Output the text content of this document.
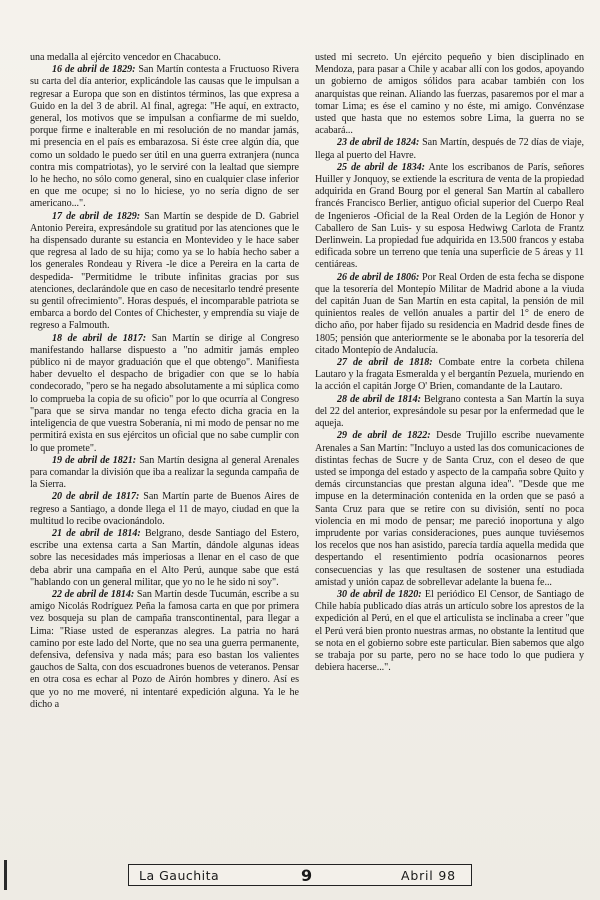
una medalla al ejército vencedor en Chacabuco.

16 de abril de 1829: San Martín contesta a Fructuoso Rivera su carta del día anterior, explicándole las causas que le impulsan a regresar a Europa que son en distintos términos, las que expresa a Guido en la del 3 de abril. Al final, agrega: "He aquí, en extracto, general, los motivos que se impulsan a confiarme de mi sueldo, porque firme e inalterable en mi resolución de no mandar jamás, mi presencia en el país es embarazosa. Si éste cree algún día, que como un soldado le puedo ser útil en una guerra extranjera (nunca contra mis compatriotas), yo le serviré con la lealtad que siempre lo he hecho, no sólo como general, sino en cualquier clase inferior en que me ocupe; si no lo hiciese, yo no sería digno de ser americano...".

17 de abril de 1829: San Martín se despide de D. Gabriel Antonio Pereira, expresándole su gratitud por las atenciones que le ha dispensado durante su estancia en Montevideo y le hace saber que regresa al lado de su hija; como ya se lo había hecho saber a los generales Rondeau y Rivera -le dice a Pereira en la carta de despedida- "Permitidme le tribute infinitas gracias por sus atenciones, declarándole que en caso de necesitarlo tendré presente su gentil ofrecimiento". Horas después, el incomparable patriota se embarca a bordo del Contes of Chichester, y emprendía su viaje de regreso a Falmouth.

18 de abril de 1817: San Martín se dirige al Congreso manifestando hallarse dispuesto a "no admitir jamás empleo público ni de mayor graduación que el que obtengo". Manifiesta haber devuelto el despacho de brigadier con que se lo había condecorado, "pero se ha negado absolutamente a mi súplica como lo comprueba la copia de su oficio" por lo que ocurría al Congreso "para que se sirva mandar no tenga efecto dicha gracia en la inteligencia de que vuestra Soberanía, ni mi modo de pensar no me permitirá exista en sus ejércitos un oficial que no sabe cumplir con lo que promete".

19 de abril de 1821: San Martín designa al general Arenales para comandar la división que iba a realizar la segunda campaña de la Sierra.

20 de abril de 1817: San Martín parte de Buenos Aires de regreso a Santiago, a donde llega el 11 de mayo, ciudad en que la multitud lo recibe ovacionándolo.

21 de abril de 1814: Belgrano, desde Santiago del Estero, escribe una extensa carta a San Martín, dándole algunas ideas sobre las necesidades más imperiosas a llenar en el caso de que deba abrir una campaña en el Alto Perú, aunque sabe que está "hablando con un general militar, que yo no le he sido ni soy".

22 de abril de 1814: San Martín desde Tucumán, escribe a su amigo Nicolás Rodríguez Peña la famosa carta en que por primera vez bosqueja su plan de campaña transcontinental, para llegar a Lima: "Riase usted de esperanzas alegres. La patria no hará camino por este lado del Norte, que no sea una guerra permanente, defensiva, defensiva y nada más; para eso bastan los valientes gauchos de Salta, con dos escuadrones buenos de veteranos. Pensar en otra cosa es echar al Pozo de Airón hombres y dinero. Así es que yo no me moveré, ni intentaré expedición alguna. Ya le he dicho a

usted mi secreto. Un ejército pequeño y bien disciplinado en Mendoza, para pasar a Chile y acabar allí con los godos, apoyando un gobierno de amigos sólidos para acabar también con los anarquistas que reinan. Aliando las fuerzas, pasaremos por el mar a tomar Lima; es ése el camino y no éste, mi amigo. Convénzase usted que hasta que no estemos sobre Lima, la guerra no se acabará...

23 de abril de 1824: San Martín, después de 72 días de viaje, llega al puerto del Havre.

25 de abril de 1834: Ante los escribanos de París, señores Huiller y Jonquoy, se extiende la escritura de venta de la propiedad adquirida en Grand Bourg por el general San Martín al caballero francés Francisco Berlier, antiguo oficial superior del Cuerpo Real de Ingenieros -Oficial de la Real Orden de la Legión de Honor y Caballero de San Luis- y su esposa Hedwiwg Carlota de Frantz Derlinwein. La propiedad fue adquirida en 13.500 francos y estaba edificada sobre un terreno que tenía una superficie de 5 áreas y 11 centiáreas.

26 de abril de 1806: Por Real Orden de esta fecha se dispone que la tesorería del Montepío Militar de Madrid abone a la viuda del capitán Juan de San Martín en esta capital, la pensión de mil quinientos reales de vellón anuales a partir del 1° de enero de dicho año, por haber fijado su residencia en Madrid desde fines de 1805; pensión que anteriormente se le abonaba por la tesorería del citado Montepío de Andalucía.

27 de abril de 1818: Combate entre la corbeta chilena Lautaro y la fragata Esmeralda y el bergantín Pezuela, muriendo en la acción el capitán Jorge O' Brien, comandante de la Lautaro.

28 de abril de 1814: Belgrano contesta a San Martín la suya del 22 del anterior, expresándole su pesar por la enfermedad que le aqueja.

29 de abril de 1822: Desde Trujillo escribe nuevamente Arenales a San Martín: "Incluyo a usted las dos comunicaciones de distintas fechas de Sucre y de Santa Cruz, con el deseo de que usted se imponga del estado y aspecto de la campaña sobre Quito y demás circunstancias que prestan alguna idea". "Desde que me impuse en la determinación contenida en la orden que se pasó a Santa Cruz para que se retire con su división, sentí no poca violencia en mi modo de pensar; me pareció inoportuna y algo imprudente por varias consideraciones, pues aunque tuviésemos los recelos que nos han asistido, parecía tardía aquella medida que despertando el resentimiento podría ocasionarnos peores consecuencias y las que resultasen de sostener una estudiada amistad y unión capaz de sobrellevar adelante la buena fe...

30 de abril de 1820: El periódico El Censor, de Santiago de Chile había publicado días atrás un artículo sobre los aprestos de la expedición al Perú, en el que el articulista se inclinaba a creer "que el Perú verá bien pronto nuestras armas, no obstante la lentitud que se nota en el gobierno sobre este particular. Bien sabemos que algo se trabaja por su parte, pero no se hace todo lo que pudiera y debiera hacerse...".

La Gauchita	9	Abril 98
